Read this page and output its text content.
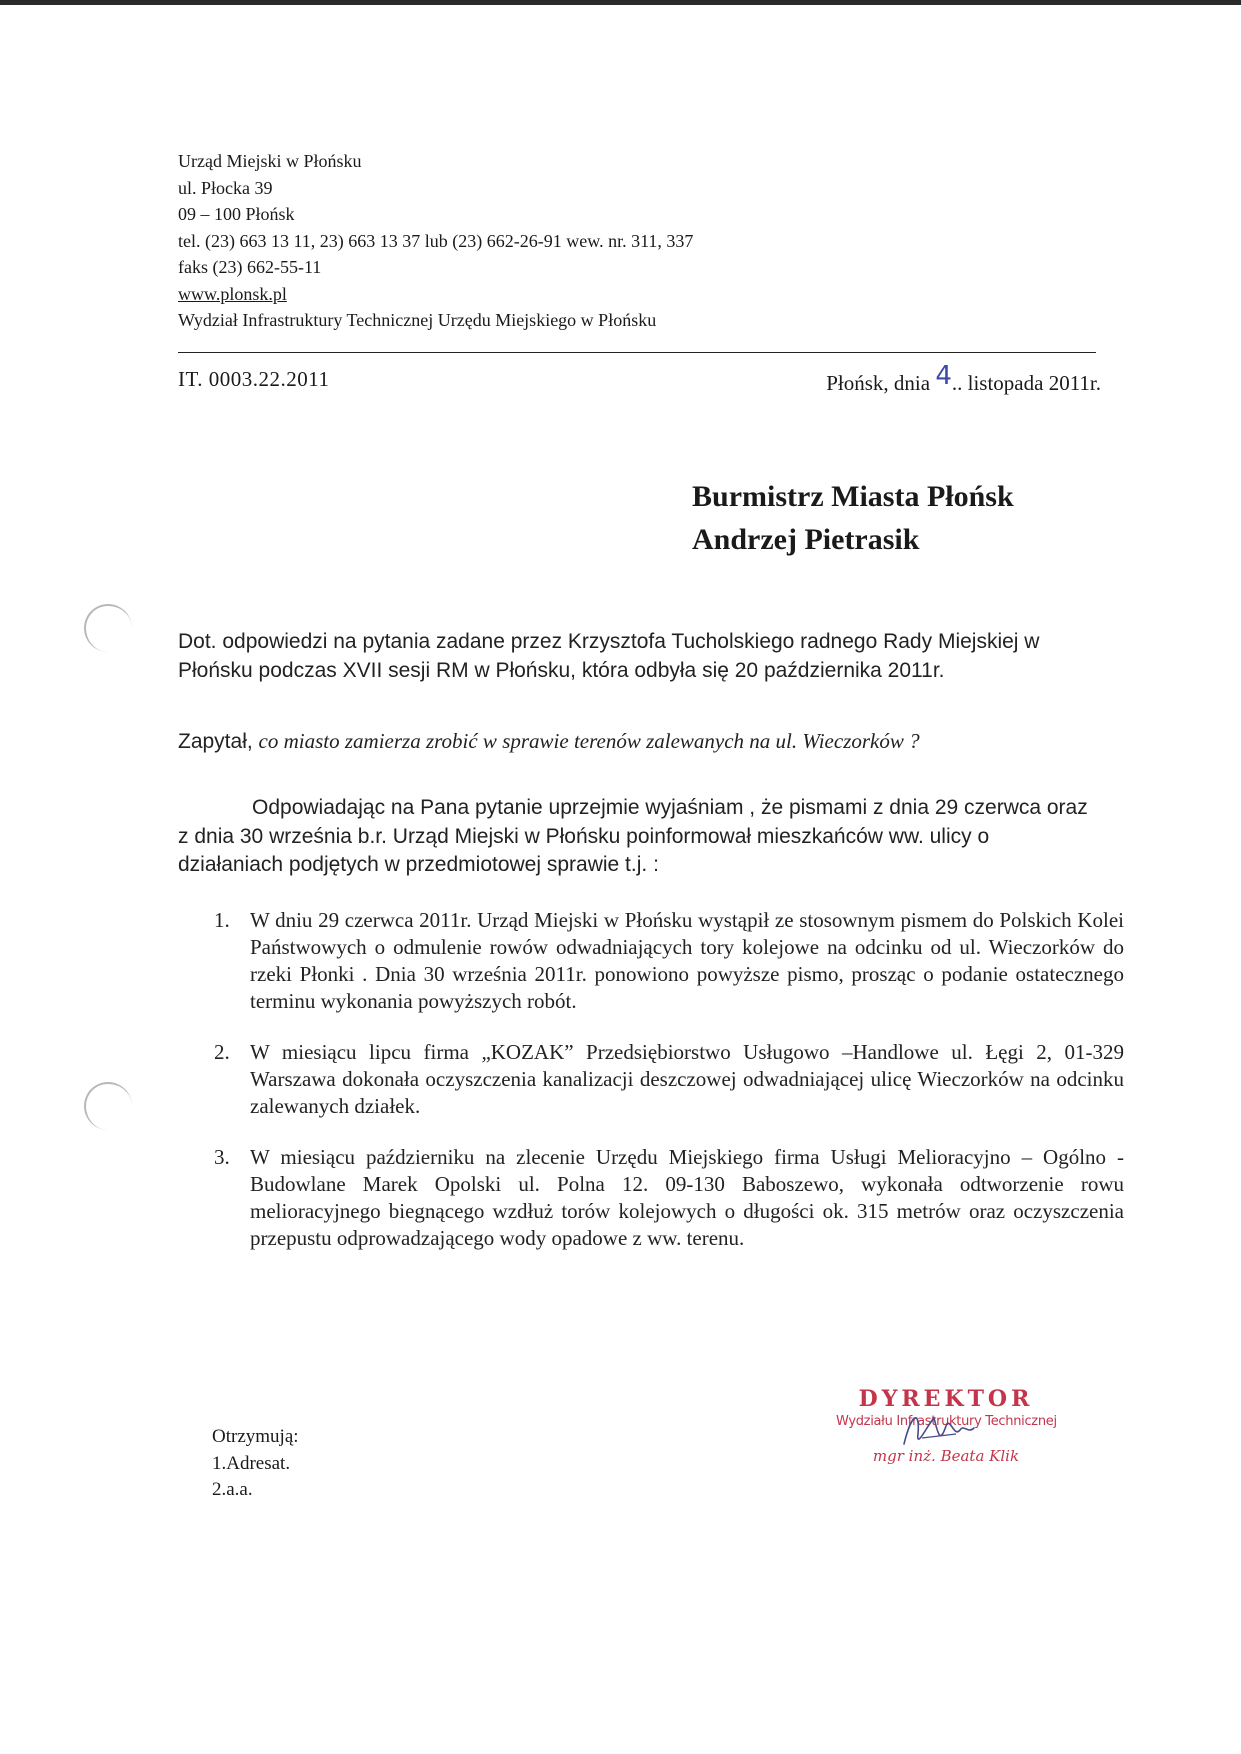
Urząd Miejski w Płońsku
ul. Płocka 39
09 – 100 Płońsk
tel. (23) 663 13 11, 23) 663 13 37 lub (23) 662-26-91 wew. nr. 311, 337
faks (23) 662-55-11
www.plonsk.pl
Wydział Infrastruktury Technicznej Urzędu Miejskiego w Płońsku
IT. 0003.22.2011	Płońsk, dnia 4.. listopada 2011r.
Burmistrz Miasta Płońsk
Andrzej Pietrasik
Dot. odpowiedzi na pytania zadane przez Krzysztofa Tucholskiego radnego Rady Miejskiej w Płońsku podczas XVII sesji RM w Płońsku, która odbyła się 20 października 2011r.
Zapytał, co miasto zamierza zrobić w sprawie terenów zalewanych na ul. Wieczorków ?
Odpowiadając na Pana pytanie uprzejmie wyjaśniam , że pismami z dnia 29 czerwca oraz z dnia 30 września b.r. Urząd Miejski w Płońsku poinformował mieszkańców ww. ulicy o działaniach podjętych w przedmiotowej sprawie t.j. :
1. W dniu 29 czerwca 2011r. Urząd Miejski w Płońsku wystąpił ze stosownym pismem do Polskich Kolei Państwowych o odmulenie rowów odwadniających tory kolejowe na odcinku od ul. Wieczorków do rzeki Płonki . Dnia 30 września 2011r. ponowiono powyższe pismo, prosząc o podanie ostatecznego terminu wykonania powyższych robót.
2. W miesiącu lipcu firma „KOZAK” Przedsiębiorstwo Usługowo –Handlowe ul. Łęgi 2, 01-329 Warszawa dokonała oczyszczenia kanalizacji deszczowej odwadniającej ulicę Wieczorków na odcinku zalewanych działek.
3. W miesiącu październiku na zlecenie Urzędu Miejskiego firma Usługi Melioracyjno – Ogólno - Budowlane Marek Opolski ul. Polna 12. 09-130 Baboszewo, wykonała odtworzenie rowu melioracyjnego biegnącego wzdłuż torów kolejowych o długości ok. 315 metrów oraz oczyszczenia przepustu odprowadzającego wody opadowe z ww. terenu.
Otrzymują:
1.Adresat.
2.a.a.
DYREKTOR
Wydziału Infrastruktury Technicznej
mgr inż. Beata Klik
